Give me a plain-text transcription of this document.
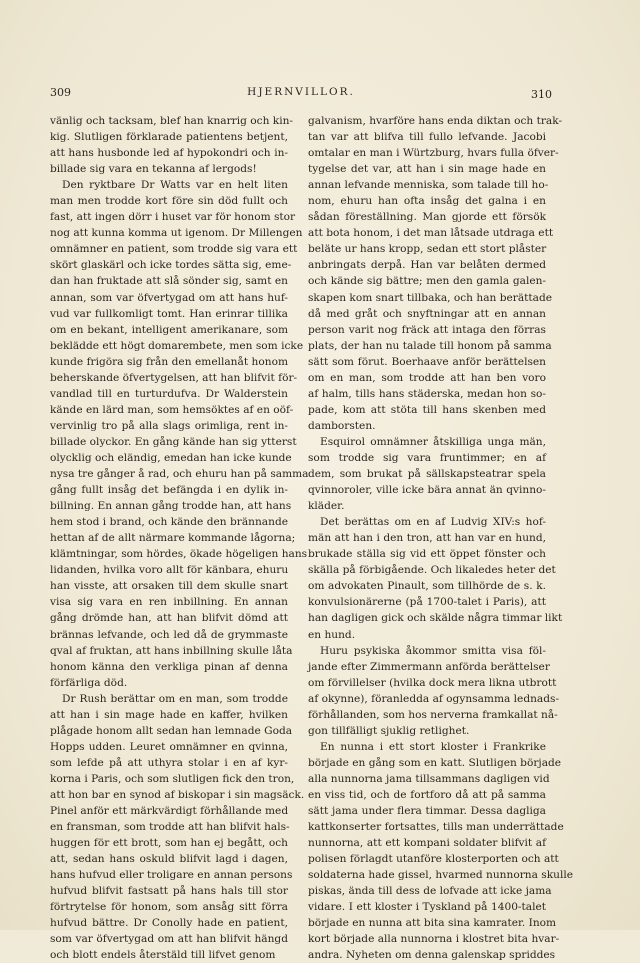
309	HJERNVILLOR.	310
vänlig och tacksam, blef han knarrig och kin-
kig. Slutligen förklarade patientens betjent,
att hans husbonde led af hypokondri och in-
billade sig vara en tekanna af lergods!
Den ryktbare Dr Watts var en helt liten
man men trodde kort före sin död fullt och
fast, att ingen dörr i huset var för honom stor
nog att kunna komma ut igenom. Dr Millengen
omnämner en patient, som trodde sig vara ett
skört glaskärl och icke tordes sätta sig, eme-
dan han fruktade att slå sönder sig, samt en
annan, som var öfvertygad om att hans huf-
vud var fullkomligt tomt. Han erinrar tillika
om en bekant, intelligent amerikanare, som
beklädde ett högt domarembete, men som icke
kunde frigöra sig från den emellanåt honom
beherskande öfvertygelsen, att han blifvit för-
vandlad till en turturdufva. Dr Walderstein
kände en lärd man, som hemsöktes af en oöf-
vervinlig tro på alla slags orimliga, rent in-
billade olyckor. En gång kände han sig ytterst
olycklig och eländig, emedan han icke kunde
nysa tre gånger å rad, och ehuru han på samma
gång fullt insåg det befängda i en dylik in-
billning. En annan gång trodde han, att hans
hem stod i brand, och kände den brännande
hettan af de allt närmare kommande lågorna;
klämtningar, som hördes, ökade högeligen hans
lidanden, hvilka voro allt för känbara, ehuru
han visste, att orsaken till dem skulle snart
visa sig vara en ren inbillning. En annan
gång drömde han, att han blifvit dömd att
brännas lefvande, och led då de grymmaste
qval af fruktan, att hans inbillning skulle låta
honom känna den verkliga pinan af denna
förfärliga död.
Dr Rush berättar om en man, som trodde
att han i sin mage hade en kaffer, hvilken
plågade honom allt sedan han lemnade Goda
Hopps udden. Leuret omnämner en qvinna,
som lefde på att uthyra stolar i en af kyr-
korna i Paris, och som slutligen fick den tron,
att hon bar en synod af biskopar i sin magsäck.
Pinel anför ett märkvärdigt förhållande med
en fransman, som trodde att han blifvit hals-
huggen för ett brott, som han ej begått, och
att, sedan hans oskuld blifvit lagd i dagen,
hans hufvud eller troligare en annan persons
hufvud blifvit fastsatt på hans hals till stor
förtrytelse för honom, som ansåg sitt förra
hufvud bättre. Dr Conolly hade en patient,
som var öfvertygad om att han blifvit hängd
och blott endels återstäld till lifvet genom
galvanism, hvarföre hans enda diktan och trak-
tan var att blifva till fullo lefvande. Jacobi
omtalar en man i Würtzburg, hvars fulla öfver-
tygelse det var, att han i sin mage hade en
annan lefvande menniska, som talade till ho-
nom, ehuru han ofta insåg det galna i en
sådan föreställning. Man gjorde ett försök
att bota honom, i det man låtsade utdraga ett
beläte ur hans kropp, sedan ett stort plåster
anbringats derpå. Han var belåten dermed
och kände sig bättre; men den gamla galen-
skapen kom snart tillbaka, och han berättade
då med gråt och snyftningar att en annan
person varit nog fräck att intaga den förras
plats, der han nu talade till honom på samma
sätt som förut. Boerhaave anför berättelsen
om en man, som trodde att han ben voro
af halm, tills hans städerska, medan hon so-
pade, kom att stöta till hans skenben med
damborsten.
Esquirol omnämner åtskilliga unga män,
som trodde sig vara fruntimmer; en af
dem, som brukat på sällskapsteatrar spela
qvinnoroler, ville icke bära annat än qvinno-
kläder.
Det berättas om en af Ludvig XIV:s hof-
män att han i den tron, att han var en hund,
brukade ställa sig vid ett öppet fönster och
skälla på förbigående. Och likaledes heter det
om advokaten Pinault, som tillhörde de s. k.
konvulsionärerne (på 1700-talet i Paris), att
han dagligen gick och skälde några timmar likt
en hund.
Huru psykiska åkommor smitta visa föl-
jande efter Zimmermann anförda berättelser
om förvillelser (hvilka dock mera likna utbrott
af okynne), föranledda af ogynsamma lednads-
förhållanden, som hos nerverna framkallat nå-
gon tillfälligt sjuklig retlighet.
En nunna i ett stort kloster i Frankrike
började en gång som en katt. Slutligen började
alla nunnorna jama tillsammans dagligen vid
en viss tid, och de fortforo då att på samma
sätt jama under flera timmar. Dessa dagliga
kattkonserter fortsattes, tills man underrättade
nunnorna, att ett kompani soldater blifvit af
polisen förlagdt utanföre klosterporten och att
soldaterna hade gissel, hvarmed nunnorna skulle
piskas, ända till dess de lofvade att icke jama
vidare. I ett kloster i Tyskland på 1400-talet
började en nunna att bita sina kamrater. Inom
kort började alla nunnorna i klostret bita hvar-
andra. Nyheten om denna galenskap spriddes
